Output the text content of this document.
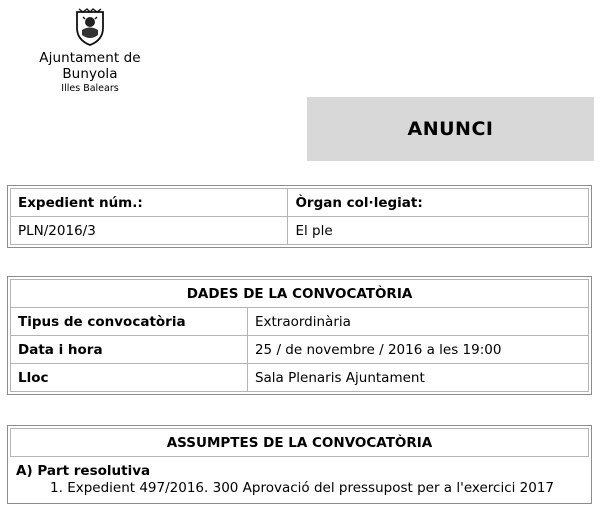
Ajuntament de Bunyola
Illes Balears
ANUNCI
Expedient núm.:	Òrgan col·legiat:
PLN/2016/3	El ple
DADES DE LA CONVOCATÒRIA	
Tipus de convocatòria	Extraordinària
Data i hora	25 / de novembre / 2016 a les 19:00
Lloc	Sala Plenaris Ajuntament
ASSUMPTES DE LA CONVOCATÒRIA
A) Part resolutiva
1. Expedient 497/2016. 300 Aprovació del pressupost per a l'exercici 2017
